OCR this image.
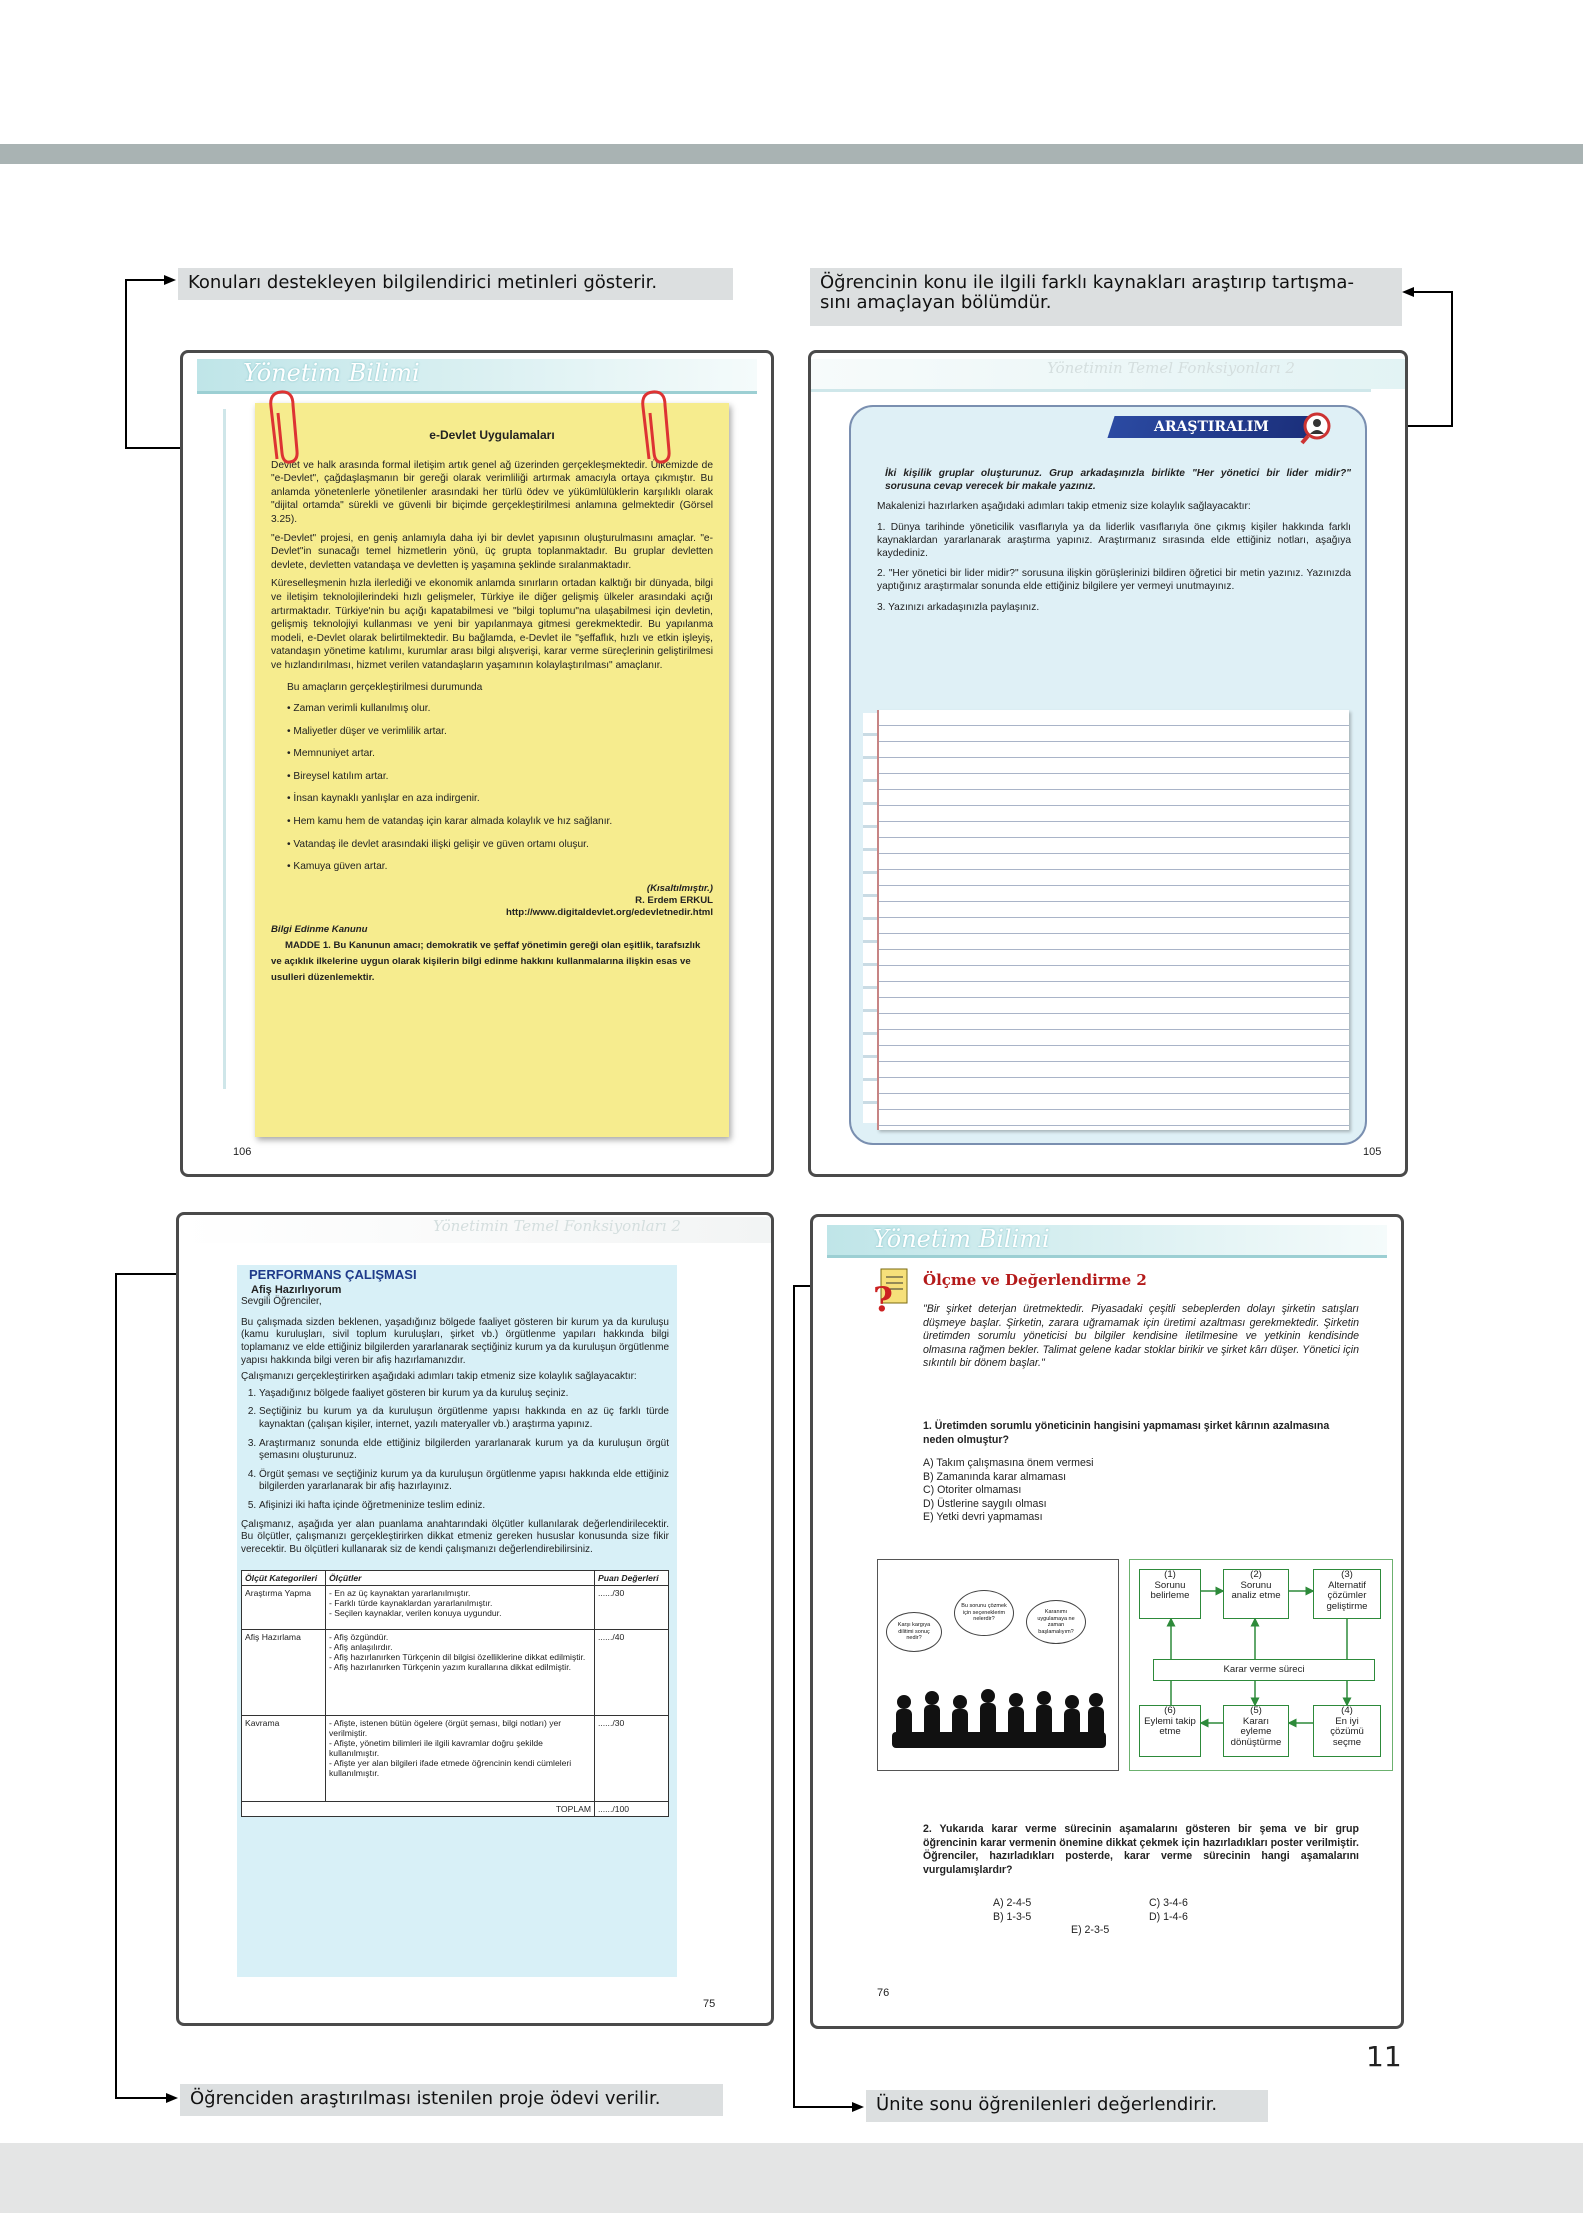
Konuları destekleyen bilgilendirici metinleri gösterir.	Öğrencinin konu ile ilgili farklı kaynakları araştırıp tartışma-
sını amaçlayan bölümdür.
Öğrenciden araştırılması istenilen proje ödevi verilir.	Ünite sonu öğrenilenleri değerlendirir.
11
Yönetim Bilimi
e-Devlet Uygulamaları

Devlet ve halk arasında formal iletişim artık genel ağ üzerinden gerçekleşmektedir. Ülkemizde de "e-Devlet", çağdaşlaşmanın bir gereği olarak verimliliği artırmak amacıyla ortaya çıkmıştır. Bu anlamda yönetenlerle yönetilenler arasındaki her türlü ödev ve yükümlülüklerin karşılıklı olarak "dijital ortamda" sürekli ve güvenli bir biçimde gerçekleştirilmesi anlamına gelmektedir (Görsel 3.25).

"e-Devlet" projesi, en geniş anlamıyla daha iyi bir devlet yapısının oluşturulmasını amaçlar. "e-Devlet"in sunacağı temel hizmetlerin yönü, üç grupta toplanmaktadır. Bu gruplar devletten devlete, devletten vatandaşa ve devletten iş yaşamına şeklinde sıralanmaktadır.

Küreselleşmenin hızla ilerlediği ve ekonomik anlamda sınırların ortadan kalktığı bir dünyada, bilgi ve iletişim teknolojilerindeki hızlı gelişmeler, Türkiye ile diğer gelişmiş ülkeler arasındaki açığı artırmaktadır. Türkiye'nin bu açığı kapatabilmesi ve "bilgi toplumu"na ulaşabilmesi için devletin, gelişmiş teknolojiyi kullanması ve yeni bir yapılanmaya gitmesi gerekmektedir. Bu yapılanma modeli, e-Devlet olarak belirtilmektedir. Bu bağlamda, e-Devlet ile "şeffaflık, hızlı ve etkin işleyiş, vatandaşın yönetime katılımı, kurumlar arası bilgi alışverişi, karar verme süreçlerinin geliştirilmesi ve hızlandırılması, hizmet verilen vatandaşların yaşamının kolaylaştırılması" amaçlanır.

Bu amaçların gerçekleştirilmesi durumunda
• Zaman verimli kullanılmış olur.
• Maliyetler düşer ve verimlilik artar.
• Memnuniyet artar.
• Bireysel katılım artar.
• İnsan kaynaklı yanlışlar en aza indirgenir.
• Hem kamu hem de vatandaş için karar almada kolaylık ve hız sağlanır.
• Vatandaş ile devlet arasındaki ilişki gelişir ve güven ortamı oluşur.
• Kamuya güven artar.
(Kısaltılmıştır.)
R. Erdem ERKUL
http://www.digitaldevlet.org/edevletnedir.html
Bilgi Edinme Kanunu
MADDE 1. Bu Kanunun amacı; demokratik ve şeffaf yönetimin gereği olan eşitlik, tarafsızlık ve açıklık ilkelerine uygun olarak kişilerin bilgi edinme hakkını kullanmalarına ilişkin esas ve usulleri düzenlemektir.
106
Yönetimin Temel Fonksiyonları 2

İki kişilik gruplar oluşturunuz. Grup arkadaşınızla birlikte "Her yönetici bir lider midir?" sorusuna cevap verecek bir makale yazınız.

Makalenizi hazırlarken aşağıdaki adımları takip etmeniz size kolaylık sağlayacaktır:

1. Dünya tarihinde yöneticilik vasıflarıyla ya da liderlik vasıflarıyla öne çıkmış kişiler hakkında farklı kaynaklardan yararlanarak araştırma yapınız. Araştırmanız sırasında elde ettiğiniz notları, aşağıya kaydediniz.

2. "Her yönetici bir lider midir?" sorusuna ilişkin görüşlerinizi bildiren öğretici bir metin yazınız. Yazınızda yaptığınız araştırmalar sonunda elde ettiğiniz bilgilere yer vermeyi unutmayınız.

3. Yazınızı arkadaşınızla paylaşınız.

ARAŞTIRALIM
105
Yönetimin Temel Fonksiyonları 2
PERFORMANS ÇALIŞMASI
Afiş Hazırlıyorum
Sevgili Öğrenciler,

Bu çalışmada sizden beklenen, yaşadığınız bölgede faaliyet gösteren bir kurum ya da kuruluşu (kamu kuruluşları, sivil toplum kuruluşları, şirket vb.) örgütlenme yapıları hakkında bilgi toplamanız ve elde ettiğiniz bilgilerden yararlanarak seçtiğiniz kurum ya da kuruluşun örgütlenme yapısı hakkında bilgi veren bir afiş hazırlamanızdır.

Çalışmanızı gerçekleştirirken aşağıdaki adımları takip etmeniz size kolaylık sağlayacaktır:

1. Yaşadığınız bölgede faaliyet gösteren bir kurum ya da kuruluş seçiniz.
2. Seçtiğiniz bu kurum ya da kuruluşun örgütlenme yapısı hakkında en az üç farklı türde kaynaktan (çalışan kişiler, internet, yazılı materyaller vb.) araştırma yapınız.
3. Araştırmanız sonunda elde ettiğiniz bilgilerden yararlanarak kurum ya da kuruluşun örgüt şemasını oluşturunuz.
4. Örgüt şeması ve seçtiğiniz kurum ya da kuruluşun örgütlenme yapısı hakkında elde ettiğiniz bilgilerden yararlanarak bir afiş hazırlayınız.
5. Afişinizi iki hafta içinde öğretmeninize teslim ediniz.

Çalışmanız, aşağıda yer alan puanlama anahtarındaki ölçütler kullanılarak değerlendirilecektir. Bu ölçütler, çalışmanızı gerçekleştirirken dikkat etmeniz gereken hususlar konusunda size fikir verecektir. Bu ölçütleri kullanarak siz de kendi çalışmanızı değerlendirebilirsiniz.

Ölçüt Kategorileri	Ölçütler	Puan Değerleri
Araştırma Yapma	- En az üç kaynaktan yararlanılmıştır.
- Farklı türde kaynaklardan yararlanılmıştır.
- Seçilen kaynaklar, verilen konuya uygundur.	....../30
Afiş Hazırlama	- Afiş özgündür.
- Afiş anlaşılırdır.
- Afiş hazırlanırken Türkçenin dil bilgisi özelliklerine dikkat edilmiştir.
- Afiş hazırlanırken Türkçenin yazım kurallarına dikkat edilmiştir.	....../40
Kavrama	- Afişte, istenen bütün ögelere (örgüt şeması, bilgi notları) yer verilmiştir.
- Afişte, yönetim bilimleri ile ilgili kavramlar doğru şekilde kullanılmıştır.
- Afişte yer alan bilgileri ifade etmede öğrencinin kendi cümleleri kullanılmıştır.	....../30
	TOPLAM	....../100
75
Yönetim Bilimi
? Ölçme ve Değerlendirme 2
"Bir şirket deterjan üretmektedir. Piyasadaki çeşitli sebeplerden dolayı şirketin satışları düşmeye başlar. Şirketin, zarara uğramamak için üretimi azaltması gerekmektedir. Şirketin üretimden sorumlu yöneticisi bu bilgiler kendisine iletilmesine ve yetkinin kendisinde olmasına rağmen bekler. Talimat gelene kadar stoklar birikir ve şirket kârı düşer. Yönetici için sıkıntılı bir dönem başlar."
1. Üretimden sorumlu yöneticinin hangisini yapmaması şirket kârının azalmasına neden olmuştur?
A) Takım çalışmasına önem vermesi
B) Zamanında karar almaması
C) Otoriter olmaması
D) Üstlerine saygılı olması
E) Yetki devri yapmaması
Karşı kargıya dilitimi sonuç nedir?
Bu sorunu çözmek için seçeneklerim nelerdir?
Karanımı uygulamaya ne zaman başlamalıyım?
(1)
Sorunu
belirleme
(2)
Sorunu
analiz etme
(3)
Alternatif
çözümler
geliştirme
Karar verme süreci
(6)
Eylemi takip
etme
(5)
Kararı
eyleme
dönüştürme
(4)
En iyi
çözümü
seçme
2. Yukarıda karar verme sürecinin aşamalarını gösteren bir şema ve bir grup öğrencinin karar vermenin önemine dikkat çekmek için hazırladıkları poster verilmiştir. Öğrenciler, hazırladıkları posterde, karar verme sürecinin hangi aşamalarını vurgulamışlardır?
A) 2-4-5	C) 3-4-6
B) 1-3-5	D) 1-4-6
E) 2-3-5
76
